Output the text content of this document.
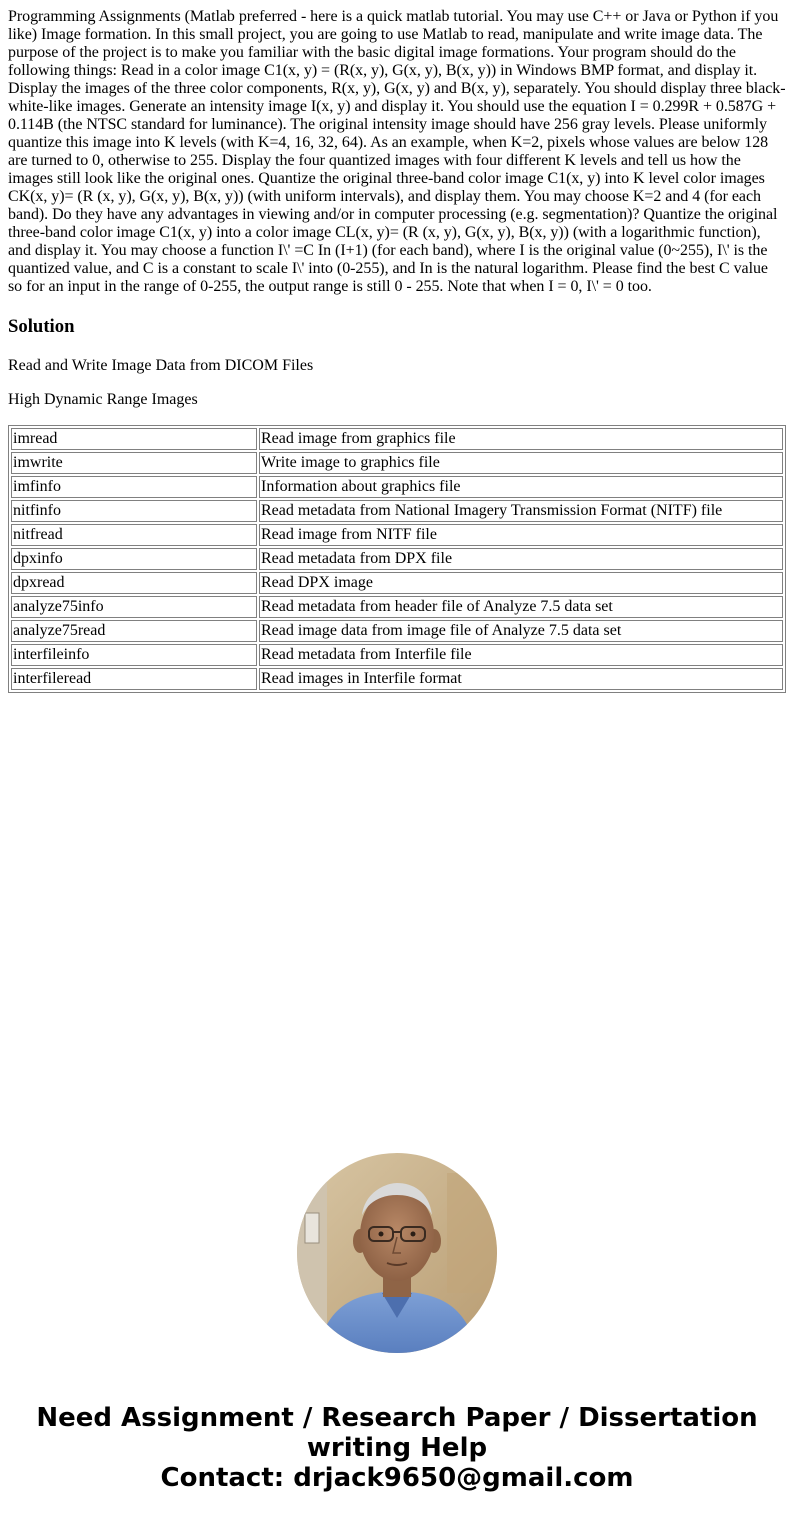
Programming Assignments (Matlab preferred - here is a quick matlab tutorial. You may use C++ or Java or Python if you like) Image formation. In this small project, you are going to use Matlab to read, manipulate and write image data. The purpose of the project is to make you familiar with the basic digital image formations. Your program should do the following things: Read in a color image C1(x, y) = (R(x, y), G(x, y), B(x, y)) in Windows BMP format, and display it. Display the images of the three color components, R(x, y), G(x, y) and B(x, y), separately. You should display three black-white-like images. Generate an intensity image I(x, y) and display it. You should use the equation I = 0.299R + 0.587G + 0.114B (the NTSC standard for luminance). The original intensity image should have 256 gray levels. Please uniformly quantize this image into K levels (with K=4, 16, 32, 64). As an example, when K=2, pixels whose values are below 128 are turned to 0, otherwise to 255. Display the four quantized images with four different K levels and tell us how the images still look like the original ones. Quantize the original three-band color image C1(x, y) into K level color images CK(x, y)= (R (x, y), G(x, y), B(x, y)) (with uniform intervals), and display them. You may choose K=2 and 4 (for each band). Do they have any advantages in viewing and/or in computer processing (e.g. segmentation)? Quantize the original three-band color image C1(x, y) into a color image CL(x, y)= (R (x, y), G(x, y), B(x, y)) (with a logarithmic function), and display it. You may choose a function I\' =C In (I+1) (for each band), where I is the original value (0~255), I\' is the quantized value, and C is a constant to scale I\' into (0-255), and In is the natural logarithm. Please find the best C value so for an input in the range of 0-255, the output range is still 0 - 255. Note that when I = 0, I\' = 0 too.

Solution

Read and Write Image Data from DICOM Files

High Dynamic Range Images

imread	Read image from graphics file
imwrite	Write image to graphics file
imfinfo	Information about graphics file
nitfinfo	Read metadata from National Imagery Transmission Format (NITF) file
nitfread	Read image from NITF file
dpxinfo	Read metadata from DPX file
dpxread	Read DPX image
analyze75info	Read metadata from header file of Analyze 7.5 data set
analyze75read	Read image data from image file of Analyze 7.5 data set
interfileinfo	Read metadata from Interfile file
interfileread	Read images in Interfile format
Need Assignment / Research Paper / Dissertation
writing Help
Contact: drjack9650@gmail.com
